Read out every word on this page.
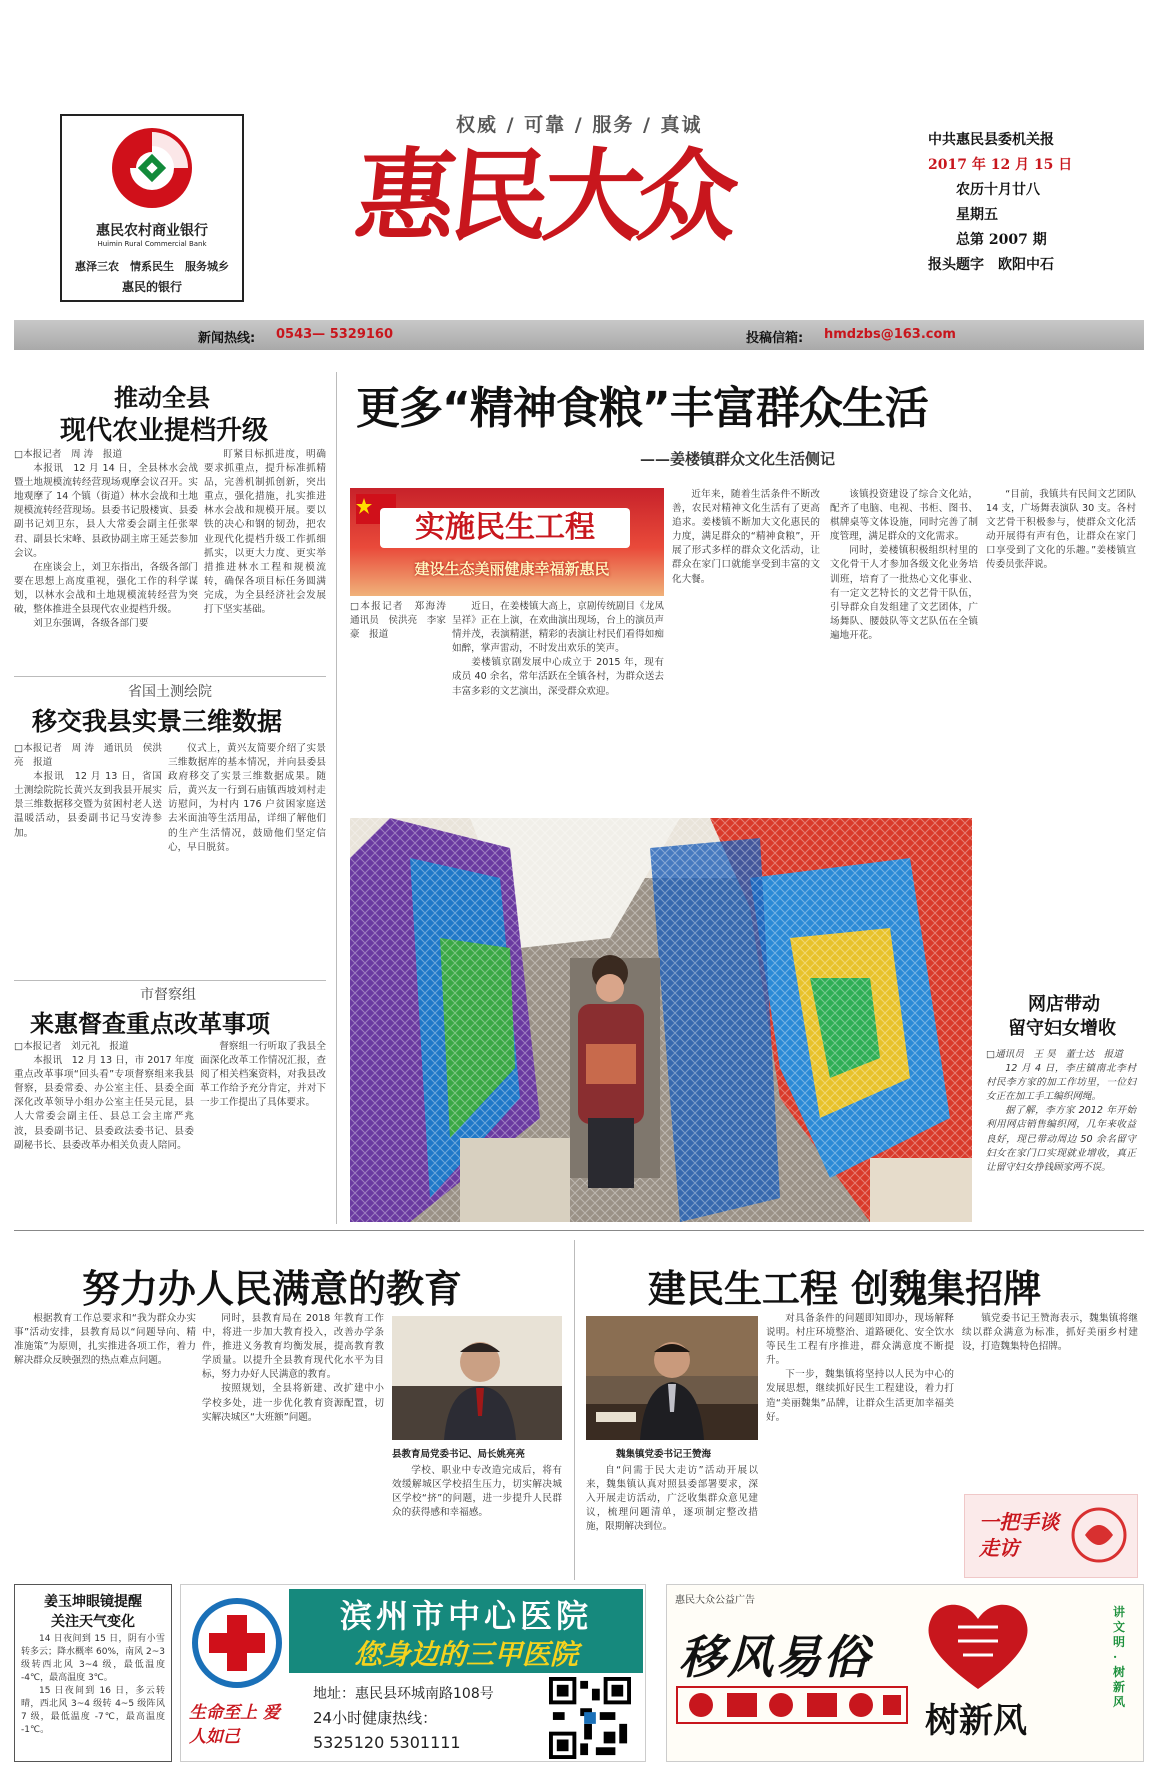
惠民农村商业银行
Huimin Rural Commercial Bank
惠泽三农　情系民生　服务城乡
惠民的银行
权威 / 可靠 / 服务 / 真诚
惠民大众	中共惠民县委机关报
2017 年 12 月 15 日
农历十月廿八
星期五
总第 2007 期
报头题字　欧阳中石
新闻热线: 0543— 5329160	投稿信箱: hmdzbs@163.com
推动全县
现代农业提档升级

□本报记者　周 涛　报道

本报讯　12 月 14 日，全县林水会战暨土地规模流转经营现场观摩会议召开。实地观摩了 14 个镇（街道）林水会战和土地规模流转经营现场。县委书记殷楼寅、县委副书记刘卫东，县人大常委会副主任张翠君、副县长宋峰、县政协副主席王延芸参加会议。

在座谈会上，刘卫东指出，各级各部门要在思想上高度重视，强化工作的科学谋划，以林水会战和土地规模流转经营为突破，整体推进全县现代农业提档升级。

刘卫东强调，各级各部门要

盯紧目标抓进度，明确要求抓重点，提升标准抓精品，完善机制抓创新，突出重点，强化措施，扎实推进林水会战和规模开展。要以铁的决心和钢的韧劲，把农业现代化提档升级工作抓细抓实，以更大力度、更实举措推进林水工程和规模流转，确保各项目标任务圆满完成，为全县经济社会发展打下坚实基础。

省国土测绘院
移交我县实景三维数据

□本报记者　周 涛　通讯员　侯洪亮　报道

本报讯　12 月 13 日，省国土测绘院院长黄兴友到我县开展实景三维数据移交暨为贫困村老人送温暖活动，县委副书记马安涛参加。

仪式上，黄兴友简要介绍了实景三维数据库的基本情况，并向县委县政府移交了实景三维数据成果。随后，黄兴友一行到石庙镇西坡刘村走访慰问，为村内 176 户贫困家庭送去米面油等生活用品，详细了解他们的生产生活情况，鼓励他们坚定信心，早日脱贫。

市督察组
来惠督查重点改革事项

□本报记者　刘元礼　报道

本报讯　12 月 13 日，市 2017 年度重点改革事项“回头看”专项督察组来我县督察，县委常委、办公室主任、县委全面深化改革领导小组办公室主任吴元昆，县人大常委会副主任、县总工会主席严兆波，县委副书记、县委政法委书记、县委副秘书长、县委改革办相关负责人陪同。

督察组一行听取了我县全面深化改革工作情况汇报，查阅了相关档案资料，对我县改革工作给予充分肯定，并对下一步工作提出了具体要求。

更多“精神食粮”丰富群众生活
——姜楼镇群众文化生活侧记
实施民生工程
建设生态美丽健康幸福新惠民

□本报记者　郑海涛　通讯员　侯洪亮　李家豪　报道

近日，在姜楼镇大高上，京剧传统剧目《龙凤呈祥》正在上演，在欢曲演出现场，台上的演员声情并茂，表演精湛，精彩的表演让村民们看得如痴如醉，掌声雷动，不时发出欢乐的笑声。

姜楼镇京剧发展中心成立于 2015 年，现有成员 40 余名，常年活跃在全镇各村，为群众送去丰富多彩的文艺演出，深受群众欢迎。

近年来，随着生活条件不断改善，农民对精神文化生活有了更高追求。姜楼镇不断加大文化惠民的力度，满足群众的“精神食粮”，开展了形式多样的群众文化活动，让群众在家门口就能享受到丰富的文化大餐。

该镇投资建设了综合文化站，配齐了电脑、电视、书柜、图书、棋牌桌等文体设施，同时完善了制度管理，满足群众的文化需求。

同时，姜楼镇积极组织村里的文化骨干人才参加各级文化业务培训班，培育了一批热心文化事业、有一定文艺特长的文艺骨干队伍，引导群众自发组建了文艺团体，广场舞队、腰鼓队等文艺队伍在全镇遍地开花。

“目前，我镇共有民间文艺团队 14 支，广场舞表演队 30 支。各村文艺骨干积极参与，使群众文化活动开展得有声有色，让群众在家门口享受到了文化的乐趣。”姜楼镇宣传委员张萍说。

网店带动
留守妇女增收

□通讯员　王 昊　董士达　报道

12 月 4 日，李庄镇南北李村村民李方家的加工作坊里，一位妇女正在加工手工编织网绳。

据了解，李方家 2012 年开始利用网店销售编织网，几年来收益良好，现已带动周边 50 余名留守妇女在家门口实现就业增收，真正让留守妇女挣钱顾家两不误。

努力办人民满意的教育

根据教育工作总要求和“我为群众办实事”活动安排，县教育局以“问题导向、精准施策”为原则，扎实推进各项工作，着力解决群众反映强烈的热点难点问题。

同时，县教育局在 2018 年教育工作中，将进一步加大教育投入，改善办学条件，推进义务教育均衡发展，提高教育教学质量。以提升全县教育现代化水平为目标，努力办好人民满意的教育。

按照规划，全县将新建、改扩建中小学校多处，进一步优化教育资源配置，切实解决城区“大班额”问题。

县教育局党委书记、局长姚亮亮

学校、职业中专改造完成后，将有效缓解城区学校招生压力，切实解决城区学校“挤”的问题，进一步提升人民群众的获得感和幸福感。

建民生工程 创魏集招牌
魏集镇党委书记王赞海

自“问需于民大走访”活动开展以来，魏集镇认真对照县委部署要求，深入开展走访活动，广泛收集群众意见建议，梳理问题清单，逐项制定整改措施，限期解决到位。

对具备条件的问题即知即办，现场解释说明。村庄环境整治、道路硬化、安全饮水等民生工程有序推进，群众满意度不断提升。

下一步，魏集镇将坚持以人民为中心的发展思想，继续抓好民生工程建设，着力打造“美丽魏集”品牌，让群众生活更加幸福美好。

镇党委书记王赞海表示，魏集镇将继续以群众满意为标准，抓好美丽乡村建设，打造魏集特色招牌。

一把手谈走访
姜玉坤眼镜提醒
关注天气变化

14 日夜间到 15 日，阴有小雪转多云；降水概率 60%，南风 2~3 级转西北风 3~4 级，最低温度 -4℃，最高温度 3℃。

15 日夜间到 16 日，多云转晴，西北风 3~4 级转 4~5 级阵风 7 级，最低温度 -7℃，最高温度 -1℃。

生命至上 爱人如己
滨州市中心医院
您身边的三甲医院
地址：惠民县环城南路108号
24小时健康热线：
5325120 5301111
惠民大众公益广告
移风易俗
树新风
讲文明·树新风
